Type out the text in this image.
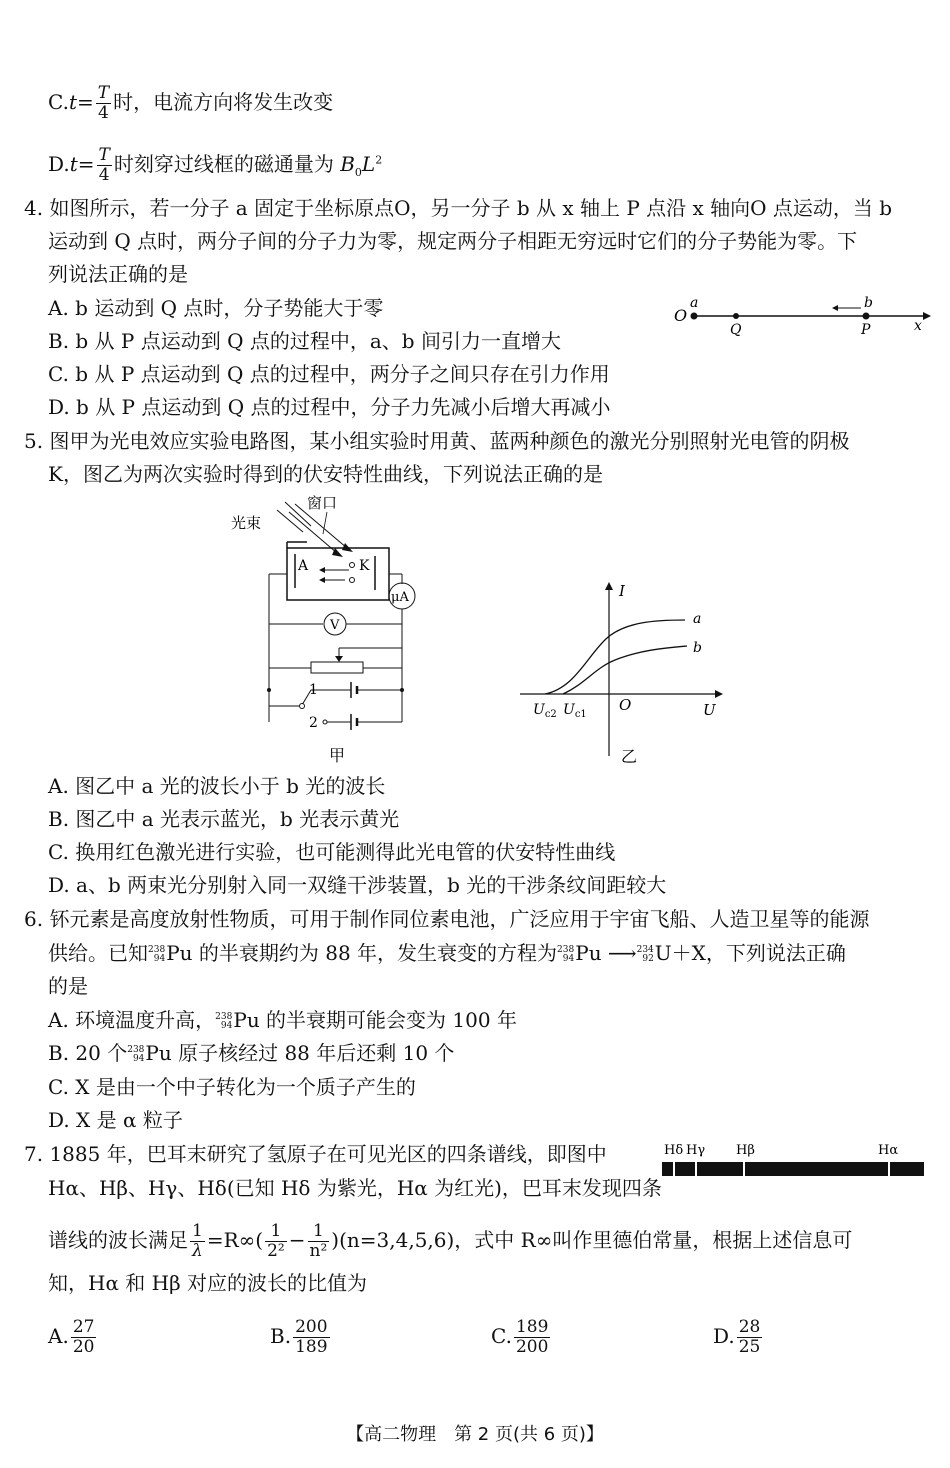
$C.t= \frac{T}{4}$ 时，电流方向将发生改变
$D.t= \frac{T}{4}$ 时刻穿过线框的磁通量为 $B_0L^2$
4. 如图所示，若一分子 a 固定于坐标原点O，另一分子 b 从 x 轴上 P 点沿 x 轴向O 点运动，当 b
运动到 Q 点时，两分子间的分子力为零，规定两分子相距无穷远时它们的分子势能为零。下
列说法正确的是
A. b 运动到 Q 点时，分子势能大于零
B. b 从 P 点运动到 Q 点的过程中，a、b 间引力一直增大
C. b 从 P 点运动到 Q 点的过程中，两分子之间只存在引力作用
D. b 从 P 点运动到 Q 点的过程中，分子力先减小后增大再减小
O
a
Q
b
P	x
5. 图甲为光电效应实验电路图，某小组实验时用黄、蓝两种颜色的激光分别照射光电管的阴极
K，图乙为两次实验时得到的伏安特性曲线，下列说法正确的是
光束
窗口
A	K
μA
V
1
2
甲
I
U
O
a
b
$U_{c2}$ $U_{c1}$
乙
A. 图乙中 a 光的波长小于 b 光的波长
B. 图乙中 a 光表示蓝光，b 光表示黄光
C. 换用红色激光进行实验，也可能测得此光电管的伏安特性曲线
D. a、b 两束光分别射入同一双缝干涉装置，b 光的干涉条纹间距较大
6. 钚元素是高度放射性物质，可用于制作同位素电池，广泛应用于宇宙飞船、人造卫星等的能源
供给。已知 238
94 Pu 的半衰期约为 88 年，发生衰变的方程为 238
94 Pu ⟶ 234
92 U＋X，下列说法正确
的是
A. 环境温度升高， 238
94 Pu 的半衰期可能会变为 100 年
B. 20 个 238
94 Pu 原子核经过 88 年后还剩 10 个
C. X 是由一个中子转化为一个质子产生的
D. X 是 α 粒子
7. 1885 年，巴耳末研究了氢原子在可见光区的四条谱线，即图中
Hα、Hβ、Hγ、Hδ(已知 Hδ 为紫光，Hα 为红光)，巴耳末发现四条
Hδ Hγ Hβ	Hα
谱线的波长满足 $\frac{1}{\lambda} =R\infty( \frac{1}{\text{2²}} - \frac{1}{\text{n²}} )(n=3,4,5,6)$，式中 R∞叫作里德伯常量，根据上述信息可
知，Hα 和 Hβ 对应的波长的比值为
A. $\frac{27}{20}$	B. $\frac{200}{189}$	C. $\frac{189}{200}$	D. $\frac{28}{25}$
【高二物理　第 2 页(共 6 页)】
